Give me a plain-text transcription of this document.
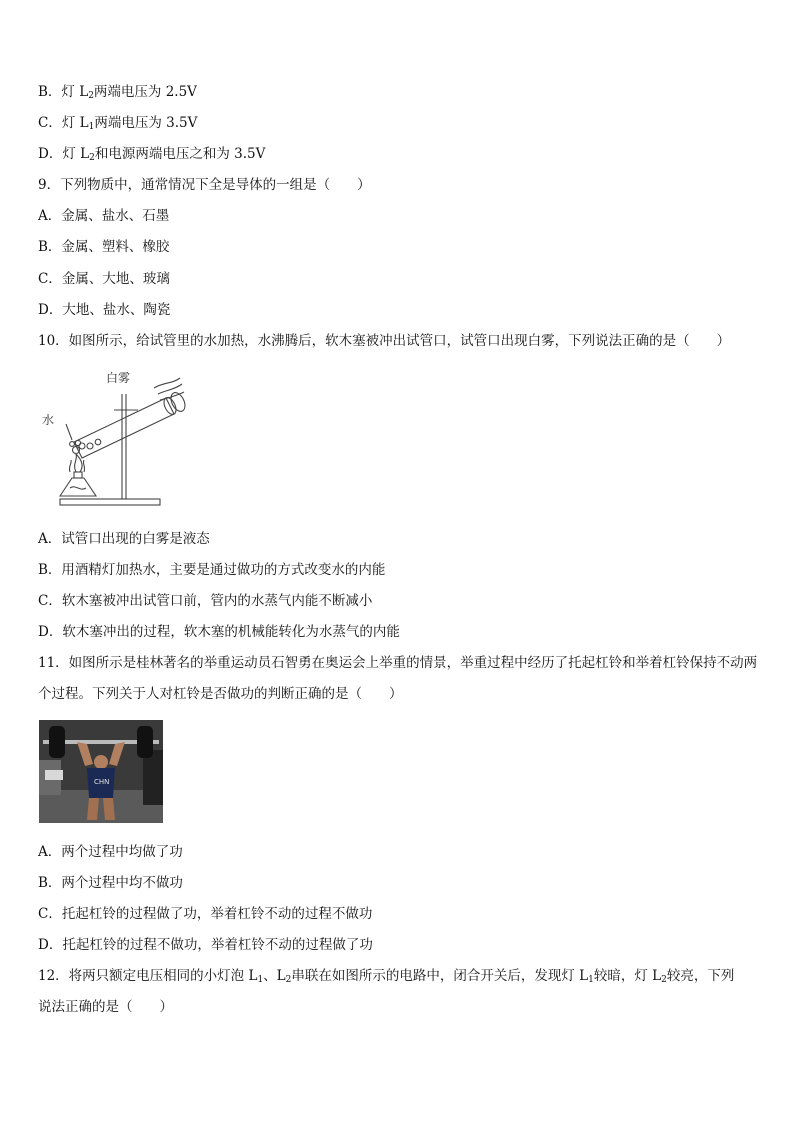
B．灯 $L_2$两端电压为 2.5V
C．灯 $L_1$两端电压为 3.5V
D．灯 $L_2$和电源两端电压之和为 3.5V
9．下列物质中，通常情况下全是导体的一组是（　　）
A．金属、盐水、石墨
B．金属、塑料、橡胶
C．金属、大地、玻璃
D．大地、盐水、陶瓷
10．如图所示，给试管里的水加热，水沸腾后，软木塞被冲出试管口，试管口出现白雾，下列说法正确的是（　　）
白雾
水
A．试管口出现的白雾是液态
B．用酒精灯加热水，主要是通过做功的方式改变水的内能
C．软木塞被冲出试管口前，管内的水蒸气内能不断减小
D．软木塞冲出的过程，软木塞的机械能转化为水蒸气的内能
11．如图所示是桂林著名的举重运动员石智勇在奥运会上举重的情景，举重过程中经历了托起杠铃和举着杠铃保持不动两个过程。下列关于人对杠铃是否做功的判断正确的是（　　）
CHN
A．两个过程中均做了功
B．两个过程中均不做功
C．托起杠铃的过程做了功，举着杠铃不动的过程不做功
D．托起杠铃的过程不做功，举着杠铃不动的过程做了功
12．将两只额定电压相同的小灯泡 $L_1$、$L_2$串联在如图所示的电路中，闭合开关后，发现灯 $L_1$较暗，灯 $L_2$较亮，下列
说法正确的是（　　）
